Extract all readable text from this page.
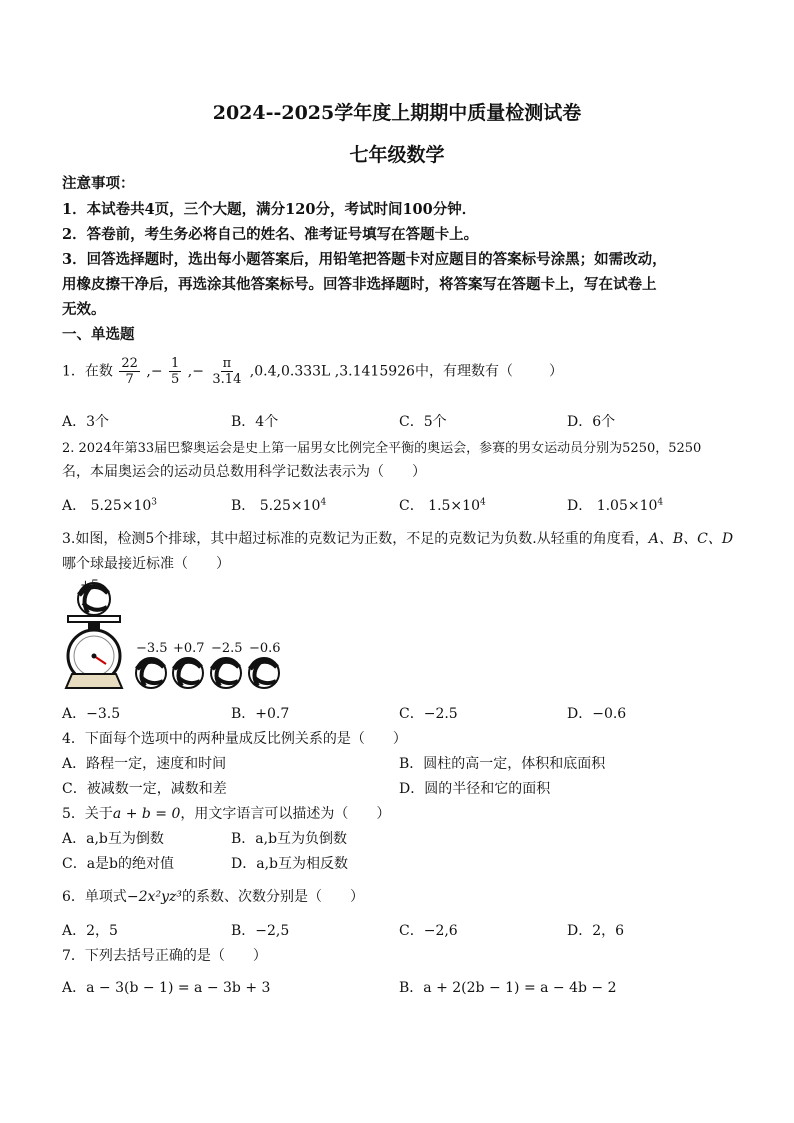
2024--2025学年度上期期中质量检测试卷
七年级数学
注意事项：
1．本试卷共4页，三个大题，满分120分，考试时间100分钟．
2．答卷前，考生务必将自己的姓名、准考证号填写在答题卡上。
3．回答选择题时，选出每小题答案后，用铅笔把答题卡对应题目的答案标号涂黑；如需改动，
用橡皮擦干净后，再选涂其他答案标号。回答非选择题时，将答案写在答题卡上，写在试卷上
无效。
一、单选题
1．在数 $\frac{22}{7}$ ,− $\frac{1}{5}$ ,− $\frac{\pi}{3.14} ,0.4,0.333L$ ,3.1415926中，有理数有（	）
A．3个	B．4个	C．5个	D．6个
2. 2024年第33届巴黎奥运会是史上第一届男女比例完全平衡的奥运会，参赛的男女运动员分别为5250，5250
名，本届奥运会的运动员总数用科学记数法表示为（　　）
A． $5.25\times 10^3$	B． $5.25\times 10^4$	C． $1.5\times 10^4$	D． $1.05\times 10^4$
3.如图，检测5个排球，其中超过标准的克数记为正数，不足的克数记为负数.从轻重的角度看，A、B、C、D
哪个球最接近标准（　　）
+5
−3.5 +0.7 −2.5 −0.6
A．−3.5	B．+0.7	C．−2.5	D．−0.6
4．下面每个选项中的两种量成反比例关系的是（　　）
A．路程一定，速度和时间	B．圆柱的高一定，体积和底面积
C．被减数一定，减数和差	D．圆的半径和它的面积
5．关于a + b = 0，用文字语言可以描述为（　　）
A．a,b互为倒数	B．a,b互为负倒数
C．a是b的绝对值	D．a,b互为相反数
6．单项式−2x²yz³的系数、次数分别是（　　）
A．2，5	B．−2,5	C．−2,6	D．2，6
7．下列去括号正确的是（　　）
A．a − 3(b − 1) = a − 3b + 3	B．a + 2(2b − 1) = a − 4b − 2
